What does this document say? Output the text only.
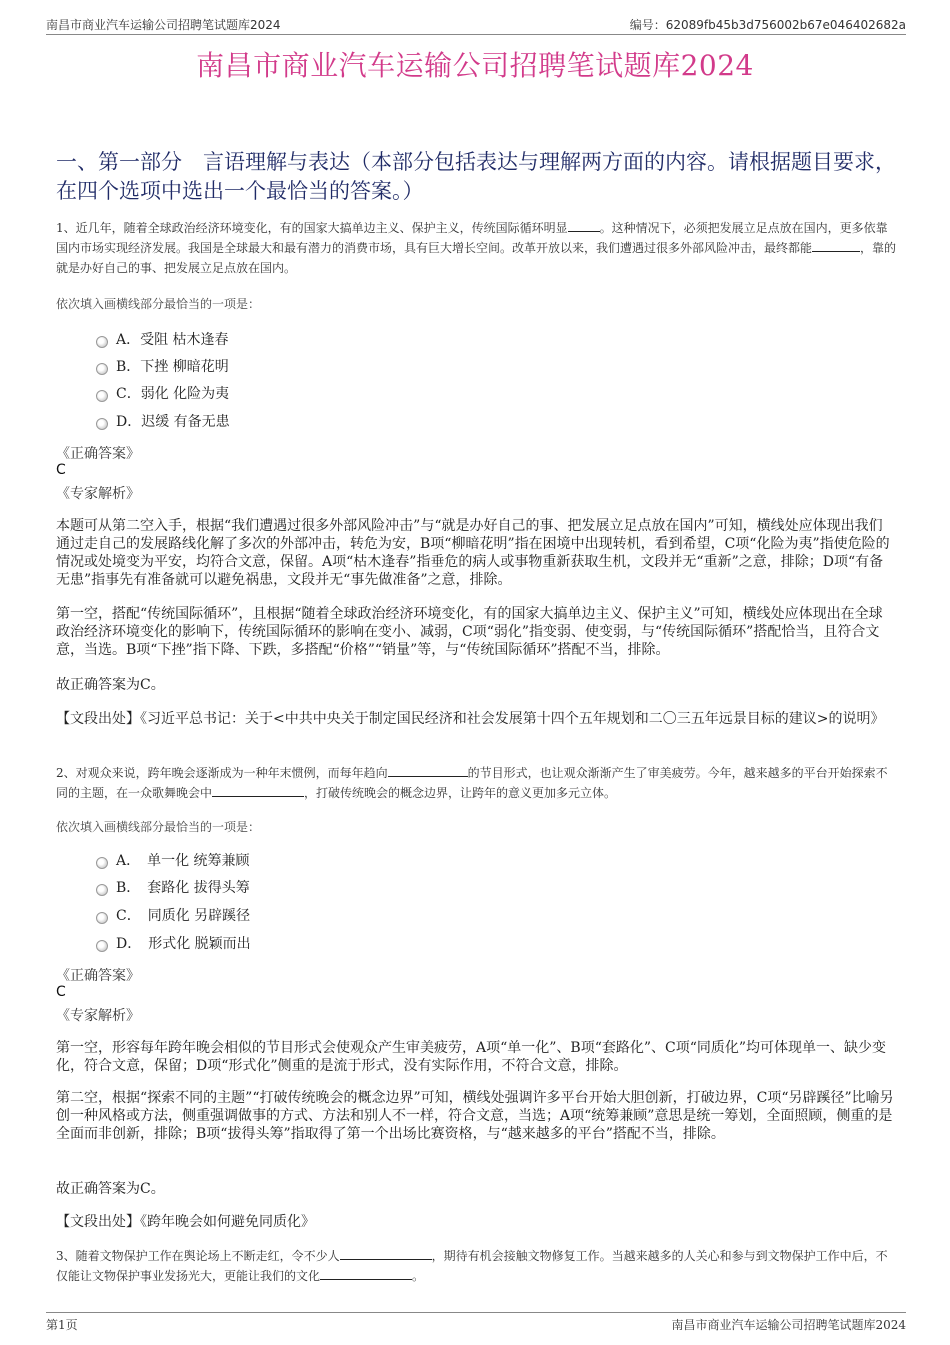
南昌市商业汽车运输公司招聘笔试题库2024	编号：62089fb45b3d756002b67e046402682a
南昌市商业汽车运输公司招聘笔试题库2024
一、第一部分　言语理解与表达（本部分包括表达与理解两方面的内容。请根据题目要求，在四个选项中选出一个最恰当的答案。）
1、近几年，随着全球政治经济环境变化，有的国家大搞单边主义、保护主义，传统国际循环明显	。这种情况下，必须把发展立足点放在国内，更多依靠国内市场实现经济发展。我国是全球最大和最有潜力的消费市场，具有巨大增长空间。改革开放以来，我们遭遇过很多外部风险冲击，最终都能	，靠的就是办好自己的事、把发展立足点放在国内。
依次填入画横线部分最恰当的一项是：
A．受阻 枯木逢春
B．下挫 柳暗花明
C．弱化 化险为夷
D．迟缓 有备无患
《正确答案》
C
《专家解析》
本题可从第二空入手，根据“我们遭遇过很多外部风险冲击”与“就是办好自己的事、把发展立足点放在国内”可知，横线处应体现出我们通过走自己的发展路线化解了多次的外部冲击，转危为安，B项“柳暗花明”指在困境中出现转机，看到希望，C项“化险为夷”指使危险的情况或处境变为平安，均符合文意，保留。A项“枯木逢春”指垂危的病人或事物重新获取生机，文段并无“重新”之意，排除；D项“有备无患”指事先有准备就可以避免祸患，文段并无“事先做准备”之意，排除。
第一空，搭配“传统国际循环”，且根据“随着全球政治经济环境变化，有的国家大搞单边主义、保护主义”可知，横线处应体现出在全球政治经济环境变化的影响下，传统国际循环的影响在变小、减弱，C项“弱化”指变弱、使变弱，与“传统国际循环”搭配恰当，且符合文意，当选。B项“下挫”指下降、下跌，多搭配“价格”“销量”等，与“传统国际循环”搭配不当，排除。
故正确答案为C。
【文段出处】《习近平总书记：关于<中共中央关于制定国民经济和社会发展第十四个五年规划和二〇三五年远景目标的建议>的说明》
2、对观众来说，跨年晚会逐渐成为一种年末惯例，而每年趋向	的节目形式，也让观众渐渐产生了审美疲劳。今年，越来越多的平台开始探索不同的主题，在一众歌舞晚会中	，打破传统晚会的概念边界，让跨年的意义更加多元立体。
依次填入画横线部分最恰当的一项是：
A．　单一化 统筹兼顾
B．　套路化 拔得头筹
C．　同质化 另辟蹊径
D．　形式化 脱颖而出
《正确答案》
C
《专家解析》
第一空，形容每年跨年晚会相似的节目形式会使观众产生审美疲劳，A项“单一化”、B项“套路化”、C项“同质化”均可体现单一、缺少变化，符合文意，保留；D项“形式化”侧重的是流于形式，没有实际作用，不符合文意，排除。
第二空，根据“探索不同的主题”“打破传统晚会的概念边界”可知，横线处强调许多平台开始大胆创新，打破边界，C项“另辟蹊径”比喻另创一种风格或方法，侧重强调做事的方式、方法和别人不一样，符合文意，当选；A项“统筹兼顾”意思是统一筹划，全面照顾，侧重的是全面而非创新，排除；B项“拔得头筹”指取得了第一个出场比赛资格，与“越来越多的平台”搭配不当，排除。
故正确答案为C。
【文段出处】《跨年晚会如何避免同质化》
3、随着文物保护工作在舆论场上不断走红，令不少人	，期待有机会接触文物修复工作。当越来越多的人关心和参与到文物保护工作中后，不仅能让文物保护事业发扬光大，更能让我们的文化	。
第1页	南昌市商业汽车运输公司招聘笔试题库2024
